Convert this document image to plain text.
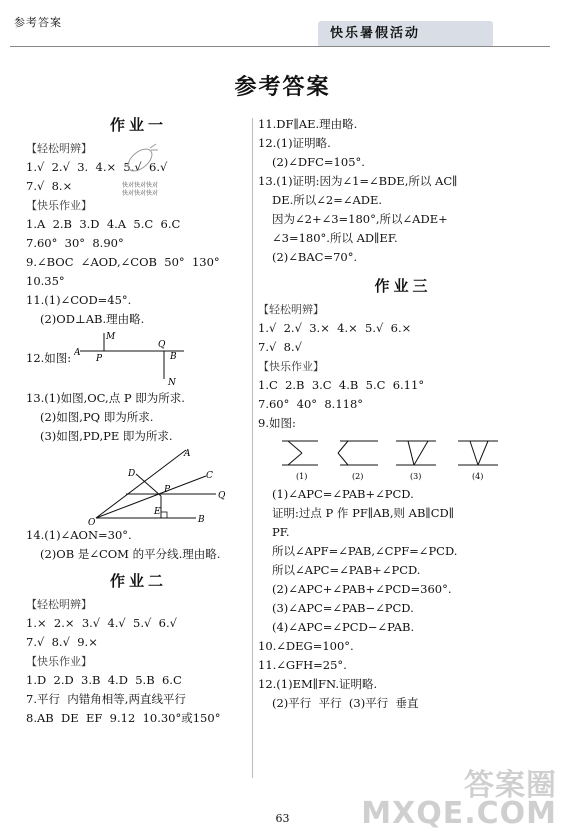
参考答案
快乐暑假活动
参考答案
作业一
【轻松明辨】
1.√  2.√  3.  4.×  5.√  6.√
7.√  8.×
【快乐作业】
1.A  2.B  3.D  4.A  5.C  6.C
7.60°  30°  8.90°
9.∠BOC  ∠AOD,∠COB  50°  130°
10.35°
11.(1)∠COD=45°.
(2)OD⊥AB.理由略.
12.如图:
M
A
P
Q
B
N
13.(1)如图,OC,点 P 即为所求.
(2)如图,PQ 即为所求.
(3)如图,PD,PE 即为所求.
A
D	C
P
Q
O
E
B
14.(1)∠AON=30°.
(2)OB 是∠COM 的平分线.理由略.
作业二
【轻松明辨】
1.×  2.×  3.√  4.√  5.√  6.√
7.√  8.√  9.×
【快乐作业】
1.D  2.D  3.B  4.D  5.B  6.C
7.平行  内错角相等,两直线平行
8.AB  DE  EF  9.12  10.30°或150°
快对快对快对
快对快对快对
11.DF∥AE.理由略.
12.(1)证明略.
(2)∠DFC=105°.
13.(1)证明:因为∠1=∠BDE,所以 AC∥
DE.所以∠2=∠ADE.
因为∠2+∠3=180°,所以∠ADE+
∠3=180°.所以 AD∥EF.
(2)∠BAC=70°.
作业三
【轻松明辨】
1.√  2.√  3.×  4.×  5.√  6.×
7.√  8.√
【快乐作业】
1.C  2.B  3.C  4.B  5.C  6.11°
7.60°  40°  8.118°
9.如图:
(1)	(2)	(3)	(4)
(1)∠APC=∠PAB+∠PCD.
证明:过点 P 作 PF∥AB,则 AB∥CD∥
PF.
所以∠APF=∠PAB,∠CPF=∠PCD.
所以∠APC=∠PAB+∠PCD.
(2)∠APC+∠PAB+∠PCD=360°.
(3)∠APC=∠PAB−∠PCD.
(4)∠APC=∠PCD−∠PAB.
10.∠DEG=100°.
11.∠GFH=25°.
12.(1)EM∥FN.证明略.
(2)平行  平行  (3)平行  垂直
63
答案圈
MXQE.COM
